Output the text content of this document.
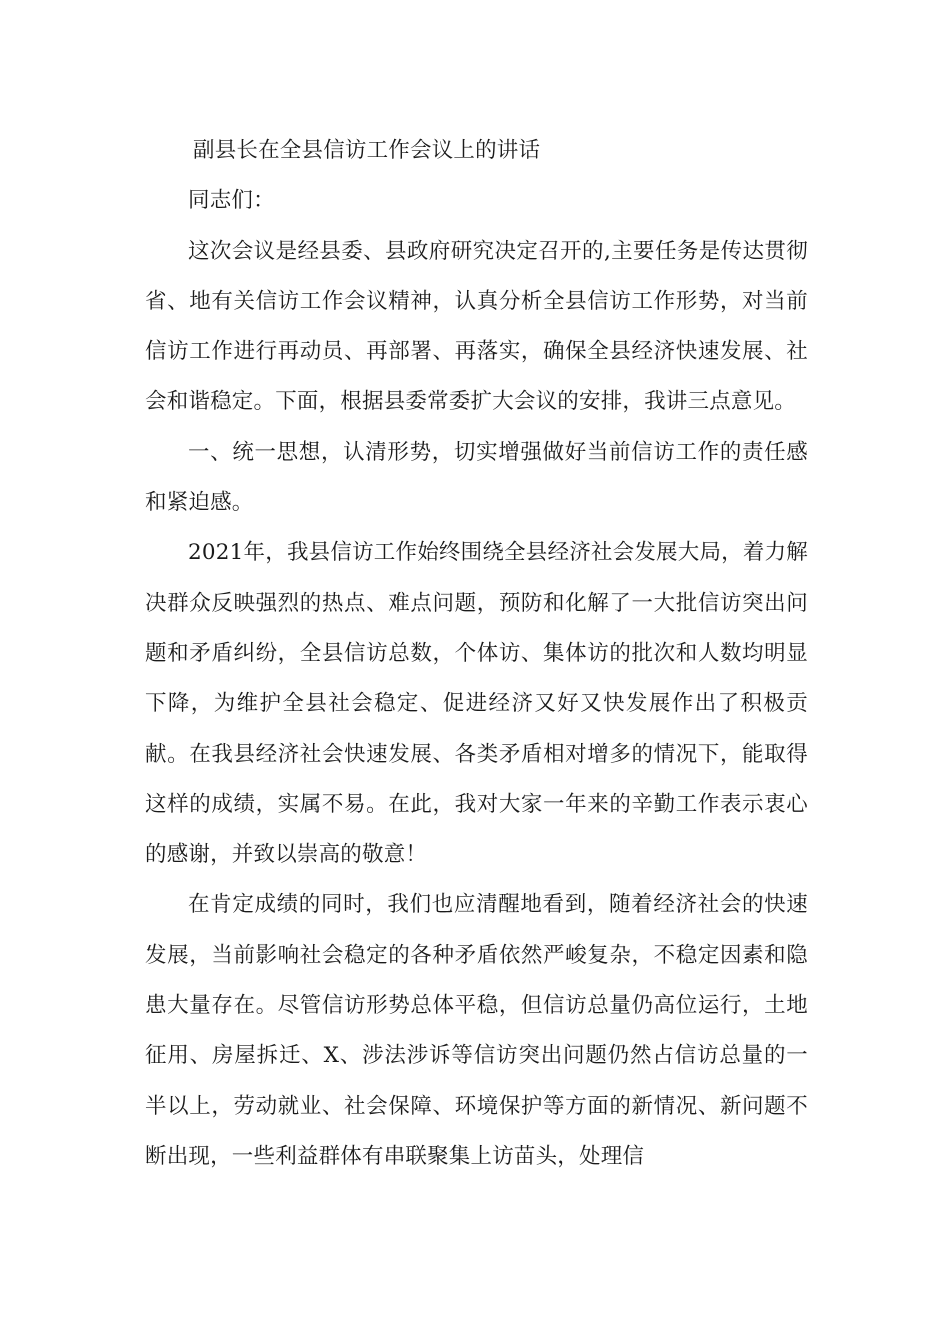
副县长在全县信访工作会议上的讲话

同志们：

这次会议是经县委、县政府研究决定召开的,主要任务是传达贯彻省、地有关信访工作会议精神，认真分析全县信访工作形势，对当前信访工作进行再动员、再部署、再落实，确保全县经济快速发展、社会和谐稳定。下面，根据县委常委扩大会议的安排，我讲三点意见。

一、统一思想，认清形势，切实增强做好当前信访工作的责任感和紧迫感。

2021年，我县信访工作始终围绕全县经济社会发展大局，着力解决群众反映强烈的热点、难点问题，预防和化解了一大批信访突出问题和矛盾纠纷，全县信访总数，个体访、集体访的批次和人数均明显下降，为维护全县社会稳定、促进经济又好又快发展作出了积极贡献。在我县经济社会快速发展、各类矛盾相对增多的情况下，能取得这样的成绩，实属不易。在此，我对大家一年来的辛勤工作表示衷心的感谢，并致以崇高的敬意！

在肯定成绩的同时，我们也应清醒地看到，随着经济社会的快速发展，当前影响社会稳定的各种矛盾依然严峻复杂，不稳定因素和隐患大量存在。尽管信访形势总体平稳，但信访总量仍高位运行，土地征用、房屋拆迁、X、涉法涉诉等信访突出问题仍然占信访总量的一半以上，劳动就业、社会保障、环境保护等方面的新情况、新问题不断出现，一些利益群体有串联聚集上访苗头，处理信
